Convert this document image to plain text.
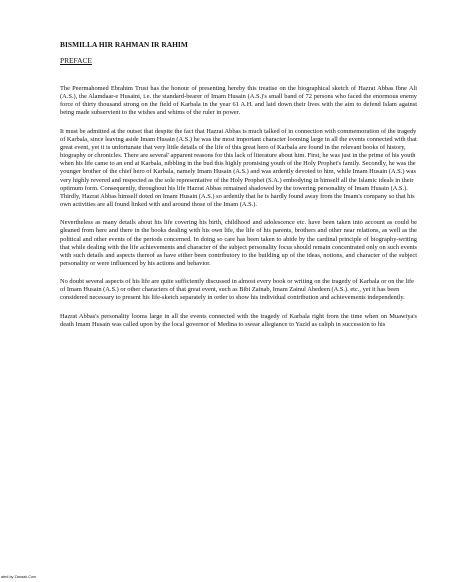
BISMILLA HIR RAHMAN IR RAHIM
PREFACE

The Peermahomed Ebrahim Trust has the honour of presenting hereby this treatise on the biographical sketch of Hazrat Abbas Ibne Ali (A.S.), the Alamdaar-e Husaini, i.e. the standard-bearer of Imam Husain (A.S.)'s small band of 72 persons who faced the enormous enemy force of thirty thousand strong on the field of Karbala in the year 61 A.H. and laid down their lives with the aim to defend Islam against being made subservient to the wishes and whims of the ruler in power.

It must be admitted at the outset that despite the fact that Hazrat Abbas is much talked of in connection with commemoration of the tragedy of Karbala, since leaving aside Imam Husain (A.S.) he was the most important character looming large in all the events connected with that great event, yet it is unfortunate that very little details of the life of this great hero of Karbala are found in the relevant books of history, biography or chronicles. There are several' apparent reasons for this lack of literature about him. First, he was just in the prime of his youth when his life came to an end at Karbala, nibbling in the bud this highly promising youth of the Holy Prophet's family. Secondly, he was the younger brother of the chief hero of Karbala, namely Imam Husain (A.S.) and was ardently devoted to him, while Imam Husain (A.S.) was very highly revered and respected as the sole representative of the Holy Prophet (S.A.) embodying in himself all the Islamic ideals in their optimum form. Consequently, throughout his life Hazrat Abbas remained shadowed by the towering personality of Imam Husain (A.S.). Thirdly, Hazrat Abbas himself doted on Imam Husain (A.S.) so ardently that he is hardly found away from the Imam's company so that his own activities are all found linked with and around those of the Imam (A.S.).

Nevertheless as many details about his life covering his birth, childhood and adolescence etc. have been taken into account as could be gleaned from here and there in the books dealing with his own life, the life of his parents, brothers and other near relations, as well as the political and other events of the periods concerned. In doing so care has been taken to abide by the cardinal principle of biography-writing that while dealing with the life achievements and character of the subject personality focus should remain concentrated only on such events with such details and aspects thereof as have either been contributory to the building up of the ideas, notions, and character of the subject personality or were influenced by his actions and behavior.

No doubt several aspects of his life are quite sufficiently discussed in almost every book or writing on the tragedy of Karbala or on the life of Imam Husain (A.S.) or other characters of that great event, such as Bibi Zainab, Imam Zainul Abedeen (A.S.). etc., yet it has been considered necessary to present his life-sketch separately in order to show his individual contribution and achievements independently.

Hazrat Abbas's personality looms large in all the events connected with the tragedy of Karbala right from the time when on Muawiya's death Imam Husain was called upon by the local governor of Medina to swear allegiance to Yazid as caliph in succession to his

ated by Zanaak.Com
